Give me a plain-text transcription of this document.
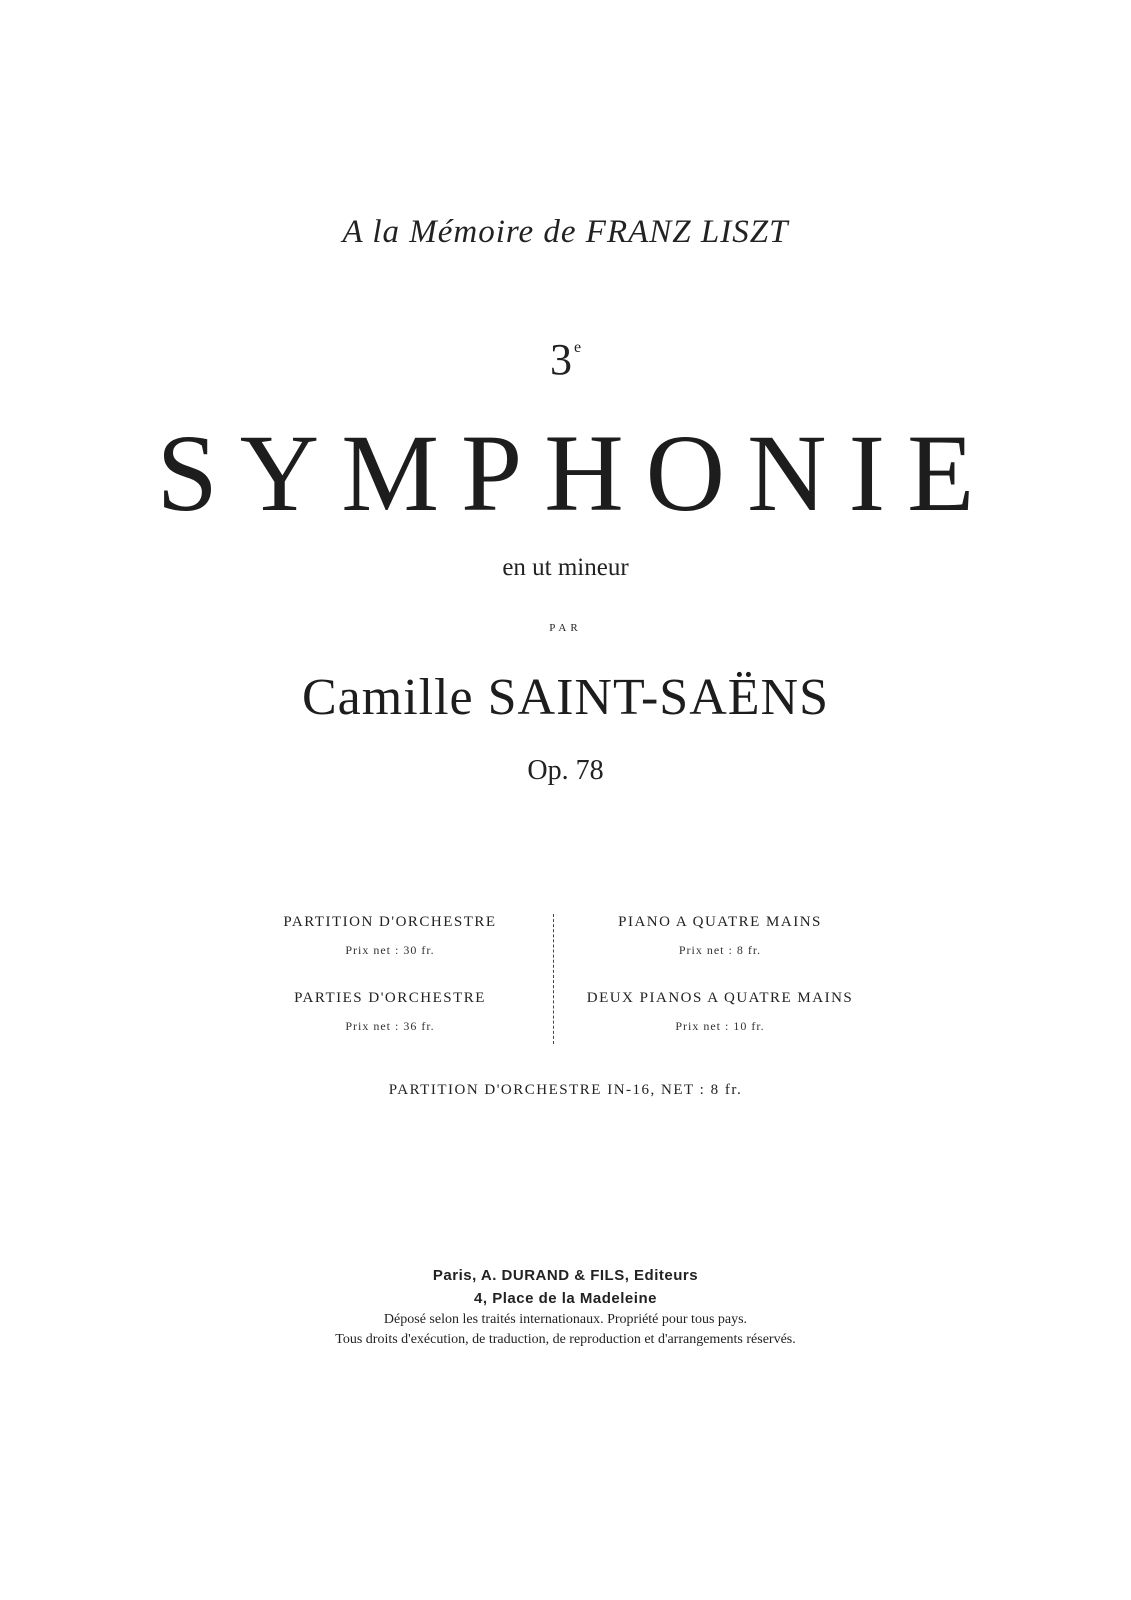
A la Mémoire de FRANZ LISZT
3 $^e$
SYMPHONIE
en ut mineur
PAR
Camille SAINT-SAËNS
Op. 78
PARTITION D'ORCHESTRE
Prix net : 30 fr.
PARTIES D'ORCHESTRE
Prix net : 36 fr.
PIANO A QUATRE MAINS
Prix net : 8 fr.
DEUX PIANOS A QUATRE MAINS
Prix net : 10 fr.
PARTITION D'ORCHESTRE IN-16, NET : 8 fr.
Paris, A. DURAND & FILS, Editeurs
4, Place de la Madeleine
Déposé selon les traités internationaux. Propriété pour tous pays.
Tous droits d'exécution, de traduction, de reproduction et d'arrangements réservés.
